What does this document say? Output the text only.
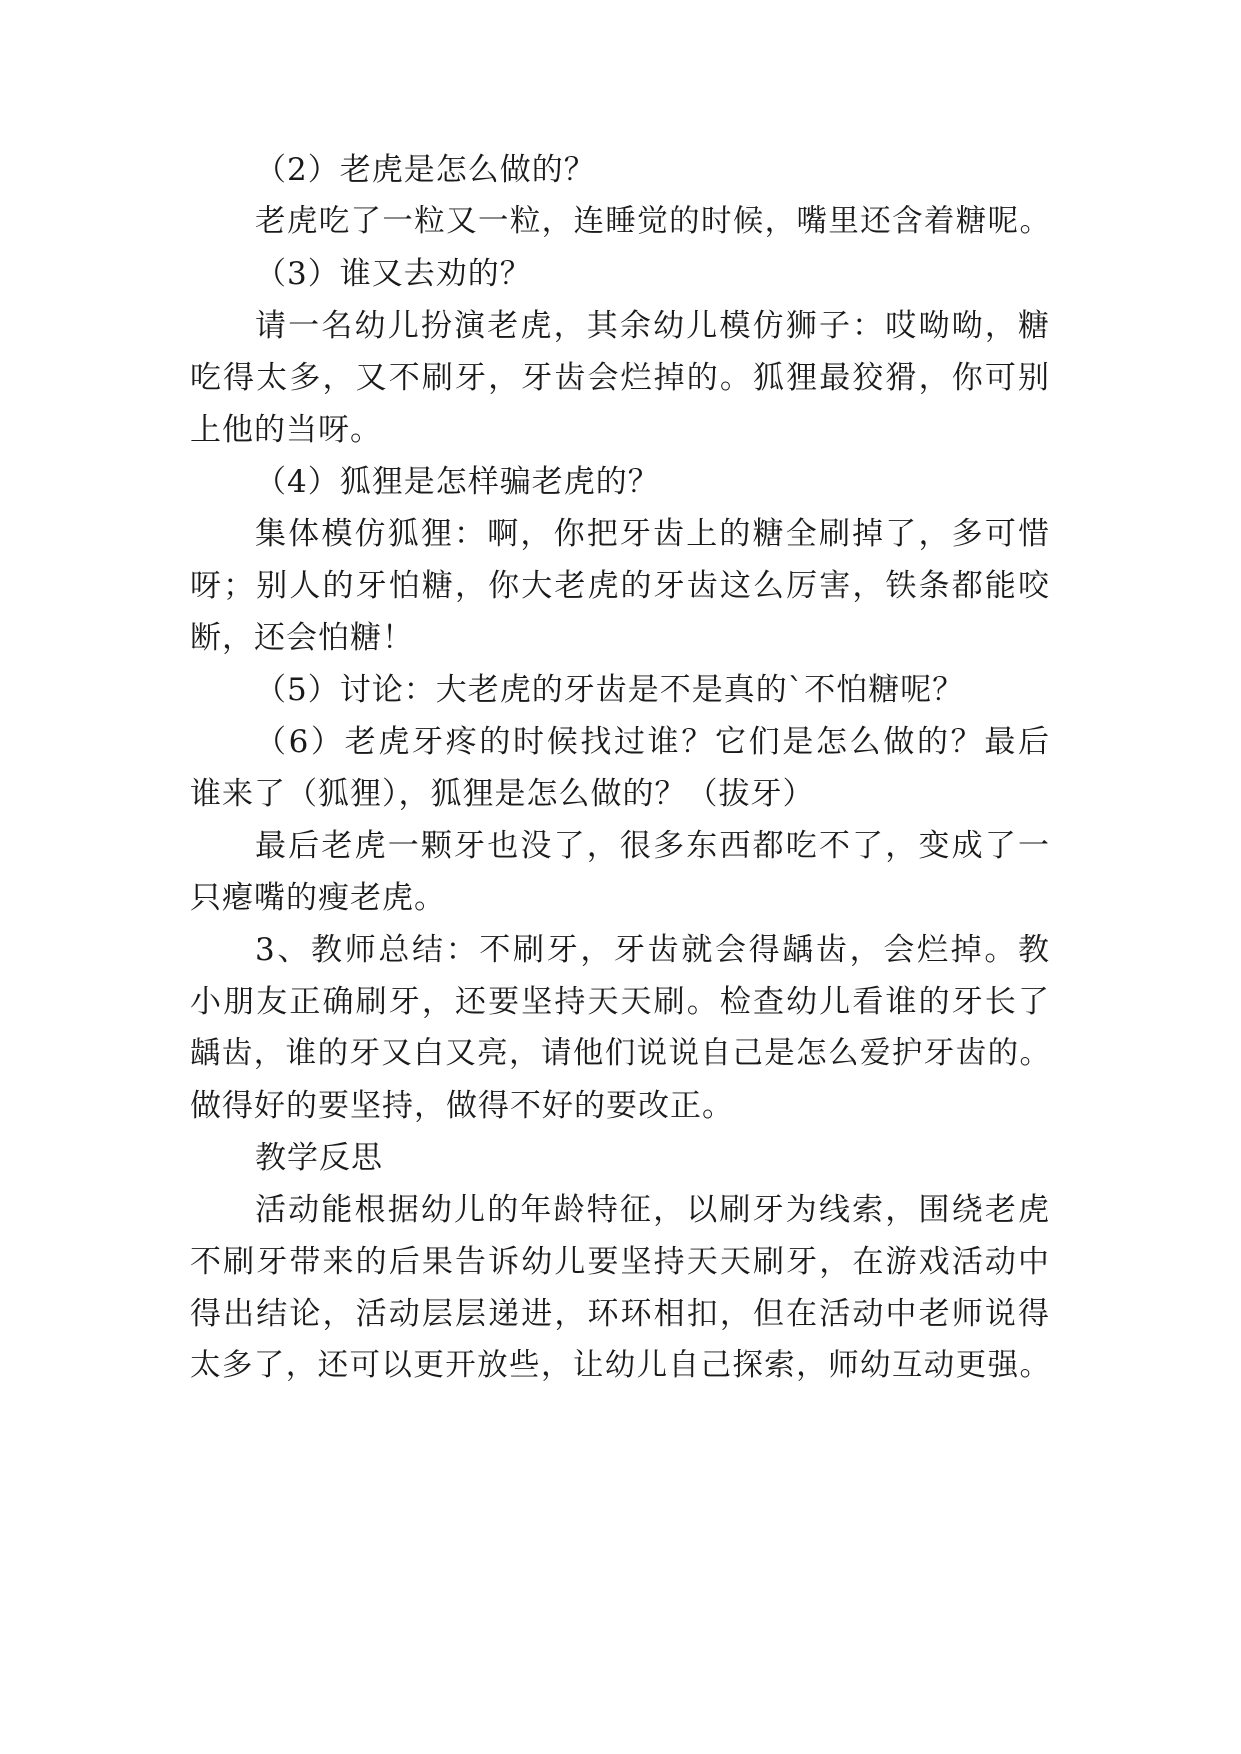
（2）老虎是怎么做的？
老虎吃了一粒又一粒，连睡觉的时候，嘴里还含着糖呢。
（3）谁又去劝的？
请一名幼儿扮演老虎，其余幼儿模仿狮子：哎呦呦，糖
吃得太多，又不刷牙，牙齿会烂掉的。狐狸最狡猾，你可别
上他的当呀。
（4）狐狸是怎样骗老虎的？
集体模仿狐狸：啊，你把牙齿上的糖全刷掉了，多可惜
呀；别人的牙怕糖，你大老虎的牙齿这么厉害，铁条都能咬
断，还会怕糖！
（5）讨论：大老虎的牙齿是不是真的`不怕糖呢？
（6）老虎牙疼的时候找过谁？它们是怎么做的？最后
谁来了（狐狸），狐狸是怎么做的？（拔牙）
最后老虎一颗牙也没了，很多东西都吃不了，变成了一
只瘪嘴的瘦老虎。
3、教师总结：不刷牙，牙齿就会得龋齿，会烂掉。教
小朋友正确刷牙，还要坚持天天刷。检查幼儿看谁的牙长了
龋齿，谁的牙又白又亮，请他们说说自己是怎么爱护牙齿的。
做得好的要坚持，做得不好的要改正。
教学反思
活动能根据幼儿的年龄特征，以刷牙为线索，围绕老虎
不刷牙带来的后果告诉幼儿要坚持天天刷牙，在游戏活动中
得出结论，活动层层递进，环环相扣，但在活动中老师说得
太多了，还可以更开放些，让幼儿自己探索，师幼互动更强。
